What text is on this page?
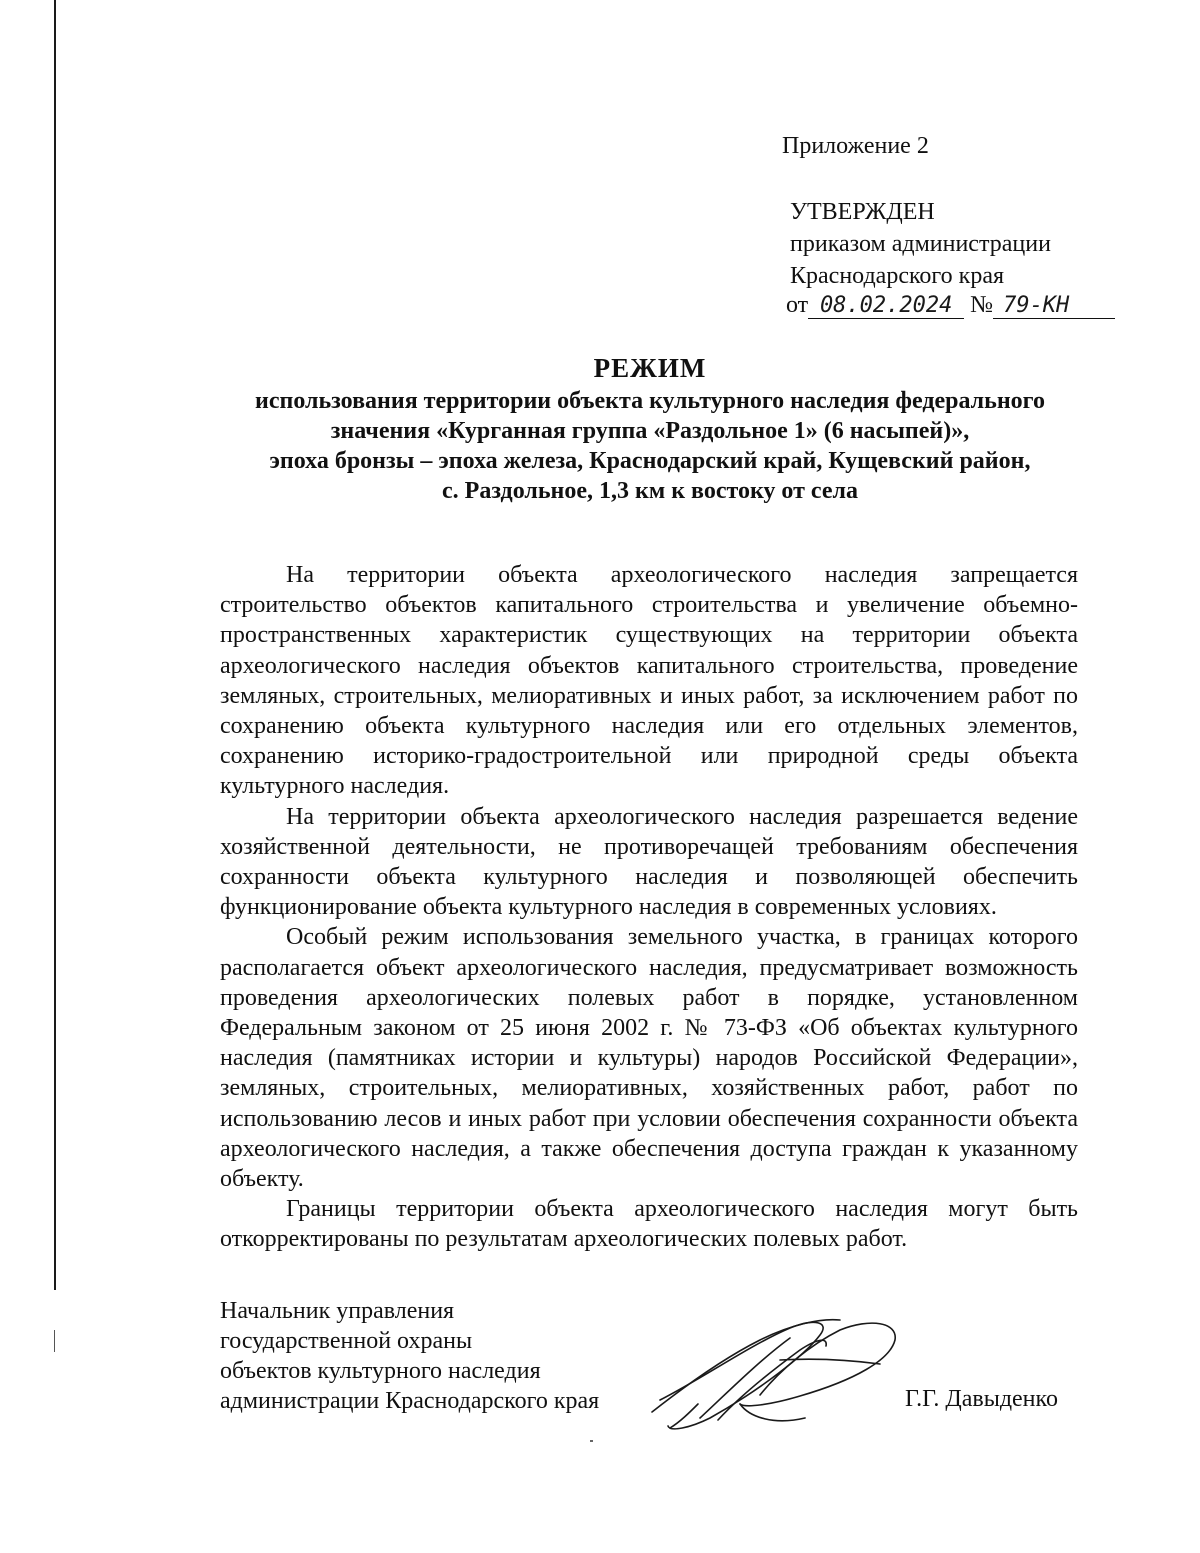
Приложение 2
УТВЕРЖДЕН
приказом администрации
Краснодарского края
от 08.02.2024 № 79-КН
РЕЖИМ
использования территории объекта культурного наследия федерального
значения «Курганная группа «Раздольное 1» (6 насыпей)»,
эпоха бронзы – эпоха железа, Краснодарский край, Кущевский район,
с. Раздольное, 1,3 км к востоку от села

На территории объекта археологического наследия запрещается строительство объектов капитального строительства и увеличение объемно-пространственных характеристик существующих на территории объекта археологического наследия объектов капитального строительства, проведение земляных, строительных, мелиоративных и иных работ, за исключением работ по сохранению объекта культурного наследия или его отдельных элементов, сохранению историко-градостроительной или природной среды объекта культурного наследия.

На территории объекта археологического наследия разрешается ведение хозяйственной деятельности, не противоречащей требованиям обеспечения сохранности объекта культурного наследия и позволяющей обеспечить функционирование объекта культурного наследия в современных условиях.

Особый режим использования земельного участка, в границах которого располагается объект археологического наследия, предусматривает возможность проведения археологических полевых работ в порядке, установленном Федеральным законом от 25 июня 2002 г. № 73-ФЗ «Об объектах культурного наследия (памятниках истории и культуры) народов Российской Федерации», земляных, строительных, мелиоративных, хозяйственных работ, работ по использованию лесов и иных работ при условии обеспечения сохранности объекта археологического наследия, а также обеспечения доступа граждан к указанному объекту.

Границы территории объекта археологического наследия могут быть откорректированы по результатам археологических полевых работ.

Начальник управления
государственной охраны
объектов культурного наследия
администрации Краснодарского края	Г.Г. Давыденко
